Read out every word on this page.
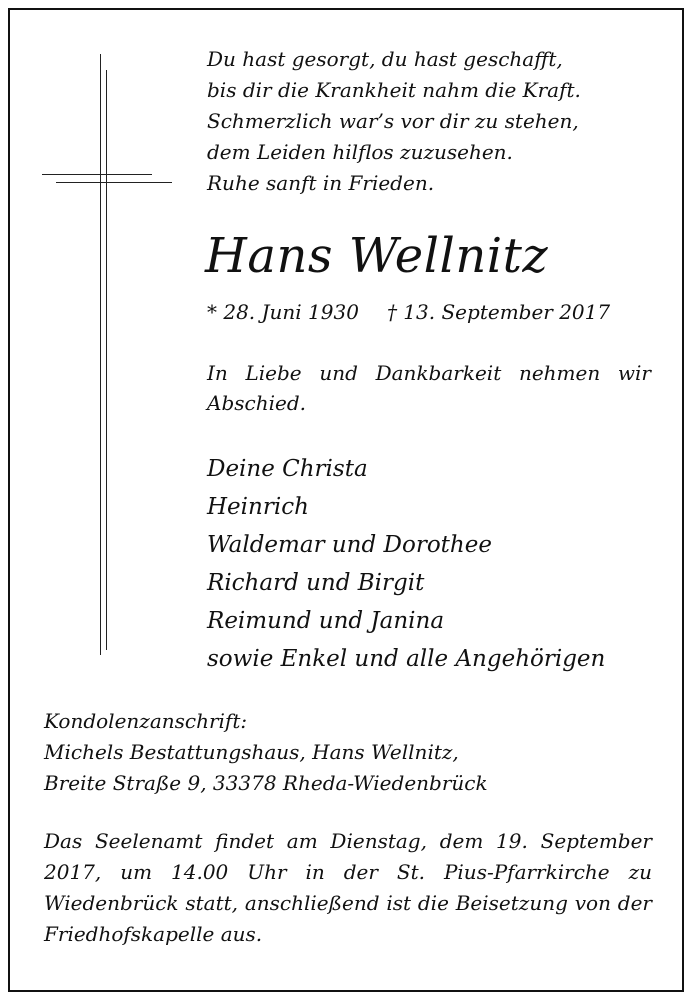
Du hast gesorgt, du hast geschafft,
bis dir die Krankheit nahm die Kraft.
Schmerzlich war’s vor dir zu stehen,
dem Leiden hilflos zuzusehen.
Ruhe sanft in Frieden.
Hans Wellnitz
* 28. Juni 1930 † 13. September 2017
In Liebe und Dankbarkeit nehmen wir Abschied.
Deine Christa
Heinrich
Waldemar und Dorothee
Richard und Birgit
Reimund und Janina
sowie Enkel und alle Angehörigen
Kondolenzanschrift:
Michels Bestattungshaus, Hans Wellnitz,
Breite Straße 9, 33378 Rheda-Wiedenbrück
Das Seelenamt findet am Dienstag, dem 19. September 2017, um 14.00 Uhr in der St. Pius-Pfarrkirche zu Wiedenbrück statt, anschließend ist die Beisetzung von der Friedhofskapelle aus.
